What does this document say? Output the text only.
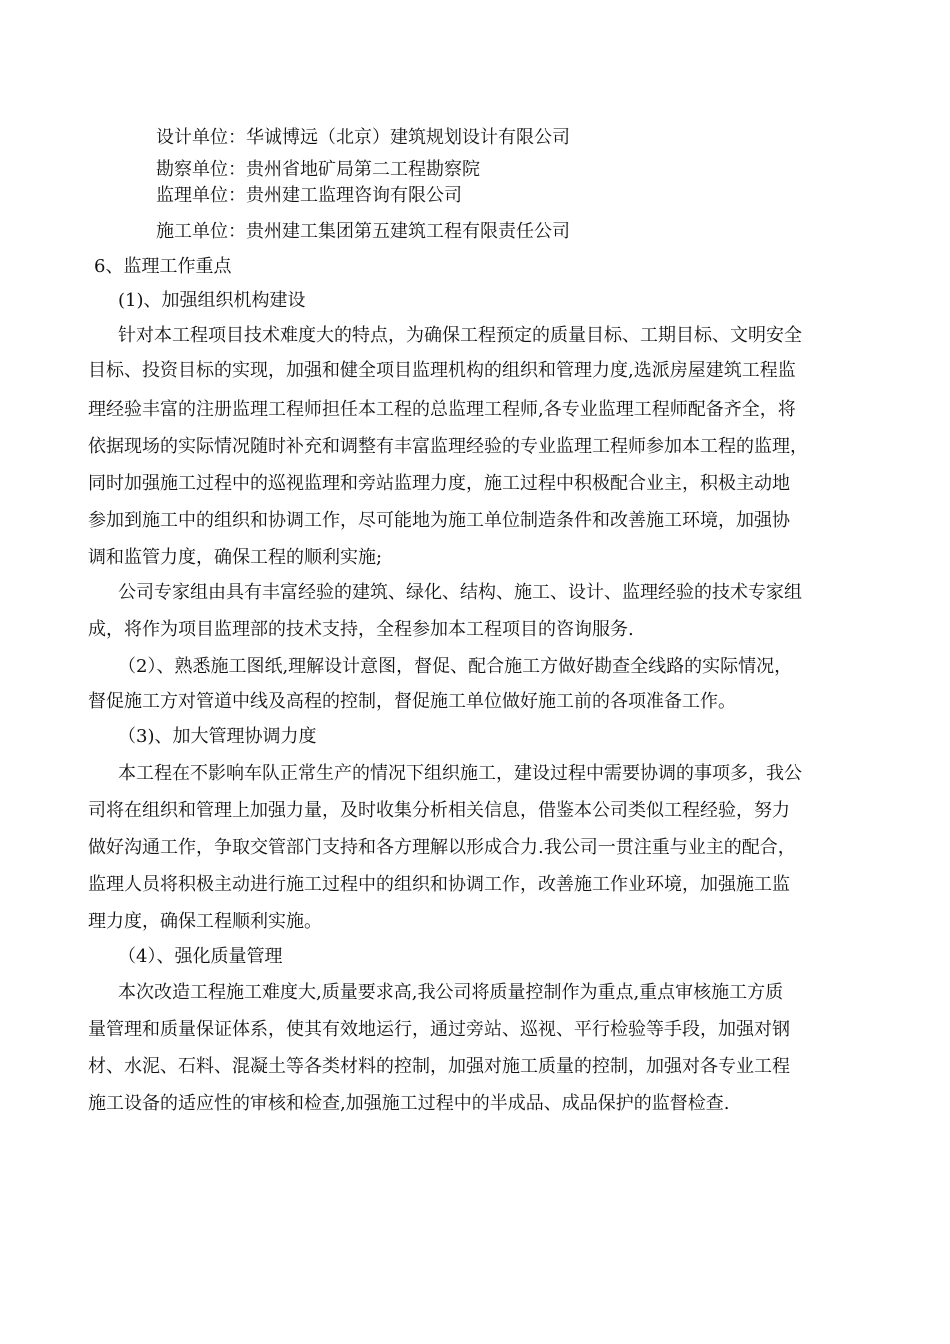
设计单位：华诚博远（北京）建筑规划设计有限公司
勘察单位：贵州省地矿局第二工程勘察院
监理单位：贵州建工监理咨询有限公司
施工单位：贵州建工集团第五建筑工程有限责任公司
6、监理工作重点
(1)、加强组织机构建设
针对本工程项目技术难度大的特点，为确保工程预定的质量目标、工期目标、文明安全
目标、投资目标的实现，加强和健全项目监理机构的组织和管理力度,选派房屋建筑工程监
理经验丰富的注册监理工程师担任本工程的总监理工程师,各专业监理工程师配备齐全，将
依据现场的实际情况随时补充和调整有丰富监理经验的专业监理工程师参加本工程的监理，
同时加强施工过程中的巡视监理和旁站监理力度，施工过程中积极配合业主，积极主动地
参加到施工中的组织和协调工作，尽可能地为施工单位制造条件和改善施工环境，加强协
调和监管力度，确保工程的顺利实施;
公司专家组由具有丰富经验的建筑、绿化、结构、施工、设计、监理经验的技术专家组
成，将作为项目监理部的技术支持，全程参加本工程项目的咨询服务.
（2）、熟悉施工图纸,理解设计意图，督促、配合施工方做好勘查全线路的实际情况，
督促施工方对管道中线及高程的控制，督促施工单位做好施工前的各项准备工作。
（3)、加大管理协调力度
本工程在不影响车队正常生产的情况下组织施工，建设过程中需要协调的事项多，我公
司将在组织和管理上加强力量，及时收集分析相关信息，借鉴本公司类似工程经验，努力
做好沟通工作，争取交管部门支持和各方理解以形成合力.我公司一贯注重与业主的配合，
监理人员将积极主动进行施工过程中的组织和协调工作，改善施工作业环境，加强施工监
理力度，确保工程顺利实施。
（4）、强化质量管理
本次改造工程施工难度大,质量要求高,我公司将质量控制作为重点,重点审核施工方质
量管理和质量保证体系，使其有效地运行，通过旁站、巡视、平行检验等手段，加强对钢
材、水泥、石料、混凝土等各类材料的控制，加强对施工质量的控制，加强对各专业工程
施工设备的适应性的审核和检查,加强施工过程中的半成品、成品保护的监督检查.
